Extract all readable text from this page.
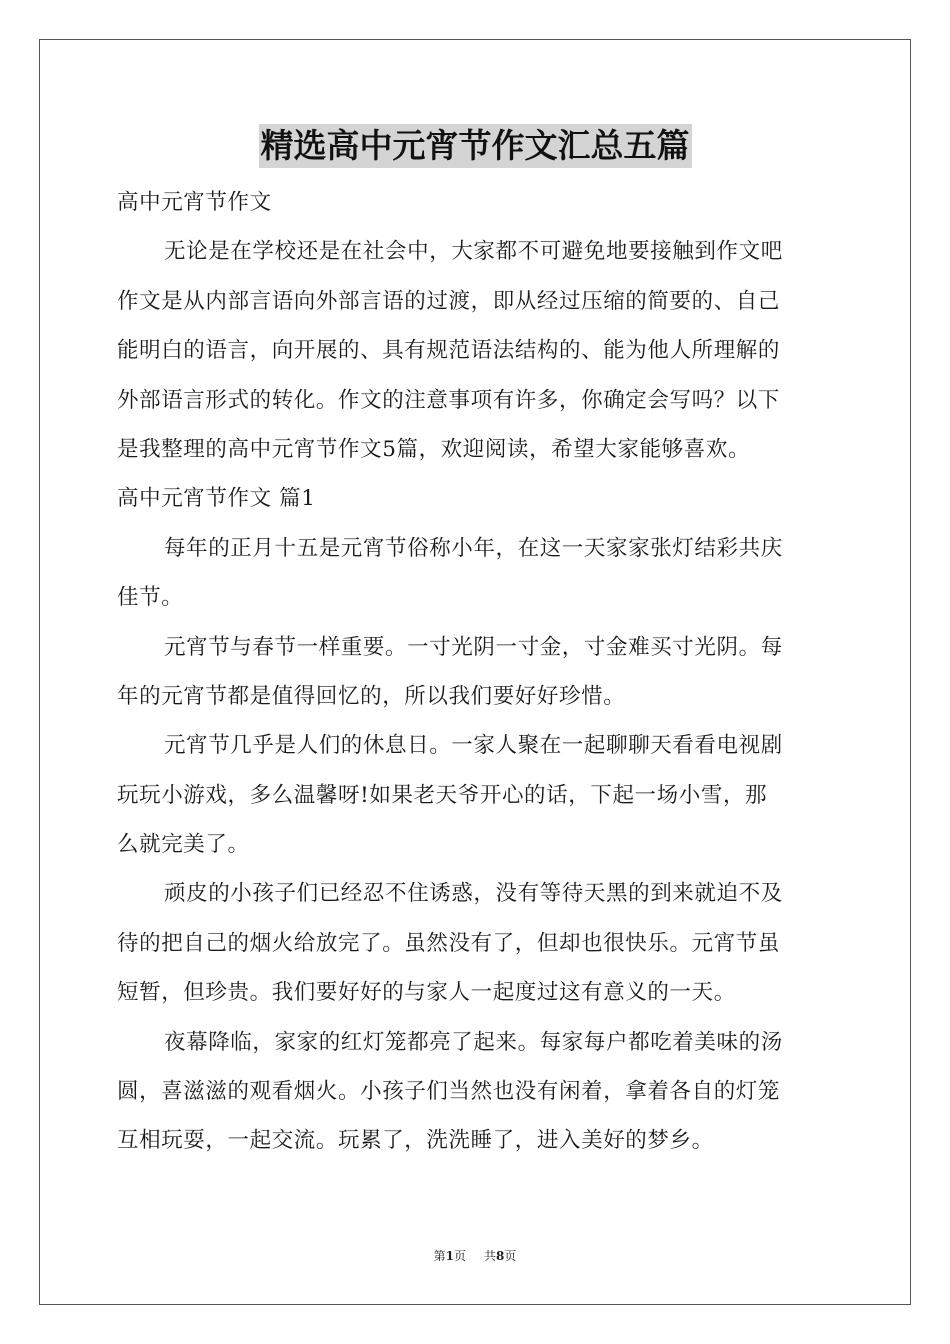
精选高中元宵节作文汇总五篇
高中元宵节作文
无论是在学校还是在社会中，大家都不可避免地要接触到作文吧
作文是从内部言语向外部言语的过渡，即从经过压缩的简要的、自己
能明白的语言，向开展的、具有规范语法结构的、能为他人所理解的
外部语言形式的转化。作文的注意事项有许多，你确定会写吗？以下
是我整理的高中元宵节作文5篇，欢迎阅读，希望大家能够喜欢。
高中元宵节作文 篇1
每年的正月十五是元宵节俗称小年，在这一天家家张灯结彩共庆
佳节。
元宵节与春节一样重要。一寸光阴一寸金，寸金难买寸光阴。每
年的元宵节都是值得回忆的，所以我们要好好珍惜。
元宵节几乎是人们的休息日。一家人聚在一起聊聊天看看电视剧
玩玩小游戏，多么温馨呀!如果老天爷开心的话，下起一场小雪，那
么就完美了。
顽皮的小孩子们已经忍不住诱惑，没有等待天黑的到来就迫不及
待的把自己的烟火给放完了。虽然没有了，但却也很快乐。元宵节虽
短暂，但珍贵。我们要好好的与家人一起度过这有意义的一天。
夜幕降临，家家的红灯笼都亮了起来。每家每户都吃着美味的汤
圆，喜滋滋的观看烟火。小孩子们当然也没有闲着，拿着各自的灯笼
互相玩耍，一起交流。玩累了，洗洗睡了，进入美好的梦乡。
第1页 共8页
